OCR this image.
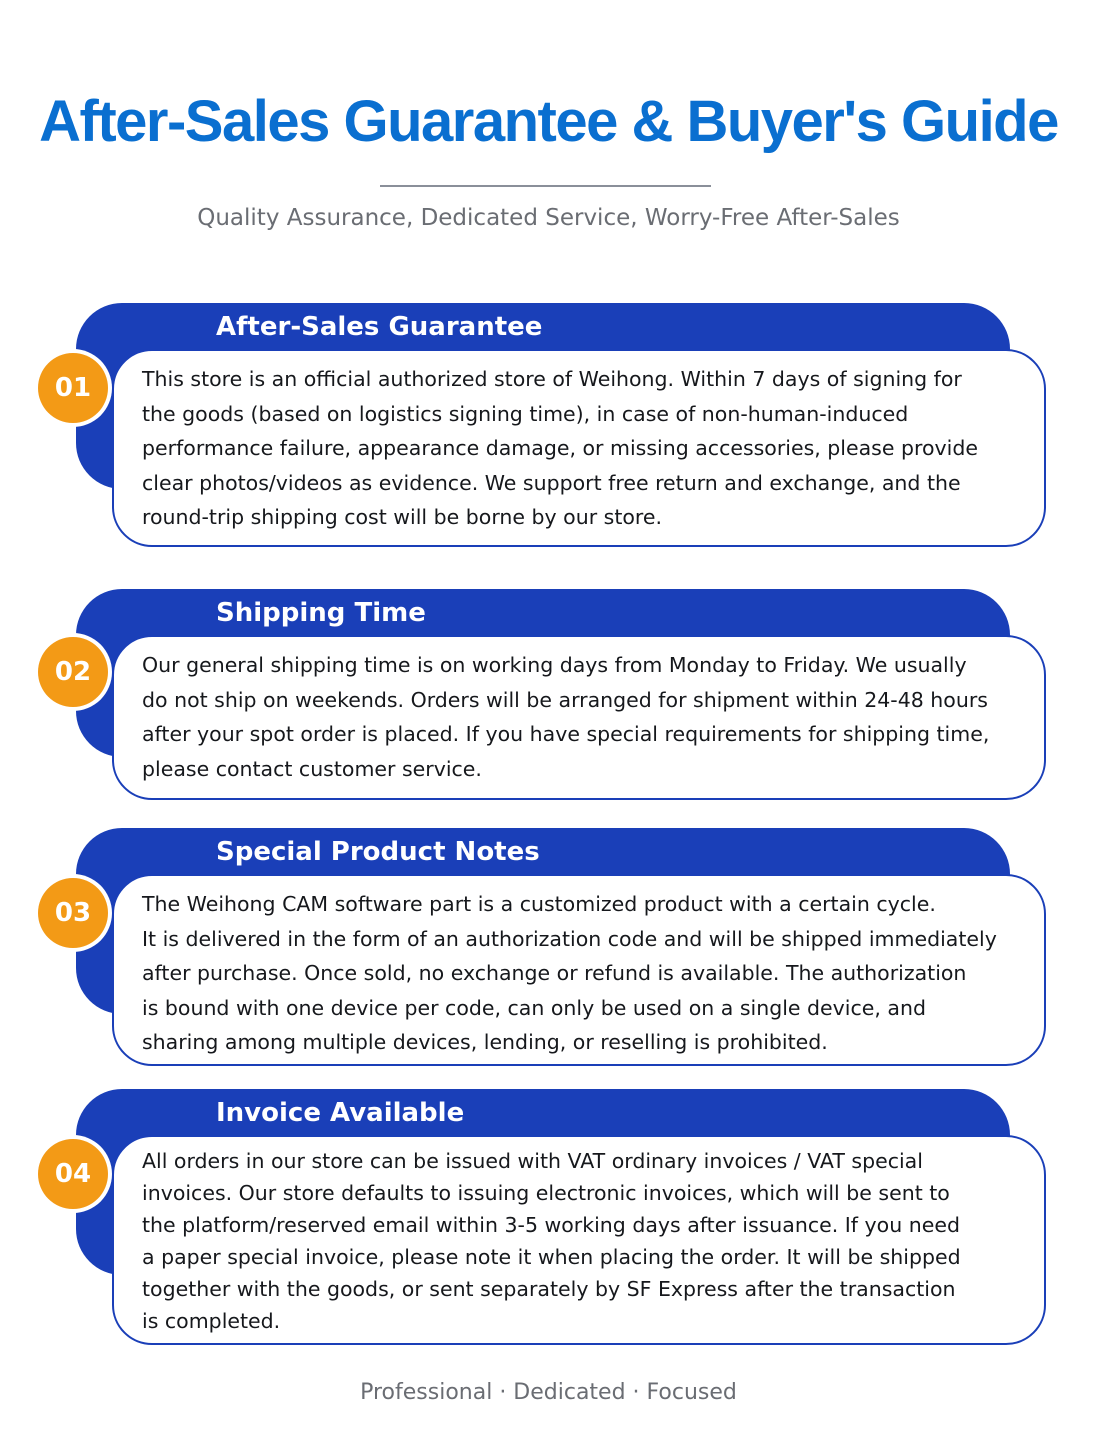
After-Sales Guarantee & Buyer's Guide
Quality Assurance, Dedicated Service, Worry-Free After-Sales
After-Sales Guarantee
This store is an official authorized store of Weihong. Within 7 days of signing for
the goods (based on logistics signing time), in case of non-human-induced
performance failure, appearance damage, or missing accessories, please provide
clear photos/videos as evidence. We support free return and exchange, and the
round-trip shipping cost will be borne by our store.
01
Shipping Time
Our general shipping time is on working days from Monday to Friday. We usually
do not ship on weekends. Orders will be arranged for shipment within 24-48 hours
after your spot order is placed. If you have special requirements for shipping time,
please contact customer service.
02
Special Product Notes
The Weihong CAM software part is a customized product with a certain cycle.
It is delivered in the form of an authorization code and will be shipped immediately
after purchase. Once sold, no exchange or refund is available. The authorization
is bound with one device per code, can only be used on a single device, and
sharing among multiple devices, lending, or reselling is prohibited.
03
Invoice Available
All orders in our store can be issued with VAT ordinary invoices / VAT special
invoices. Our store defaults to issuing electronic invoices, which will be sent to
the platform/reserved email within 3-5 working days after issuance. If you need
a paper special invoice, please note it when placing the order. It will be shipped
together with the goods, or sent separately by SF Express after the transaction
is completed.
04
Professional · Dedicated · Focused
